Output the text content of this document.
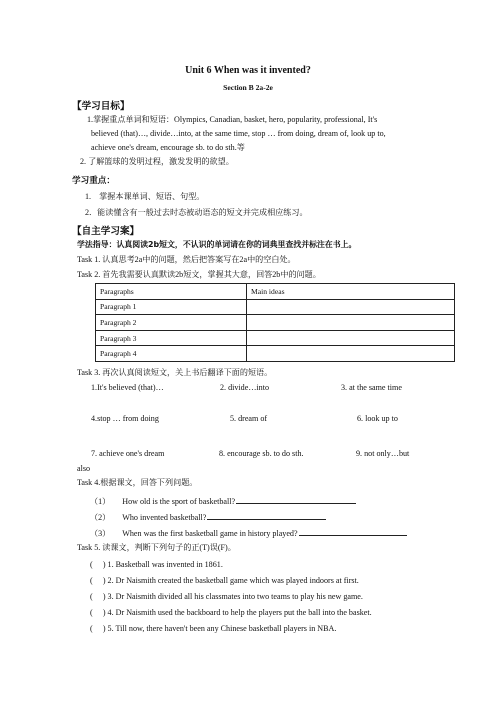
Unit 6 When was it invented?
Section B 2a-2e
【学习目标】
1.掌握重点单词和短语：Olympics, Canadian, basket, hero, popularity, professional, It's
believed (that)…, divide…into, at the same time, stop … from doing, dream of, look up to,
achieve one's dream, encourage sb. to do sth.等
2. 了解篮球的发明过程，激发发明的欲望。
学习重点：
1.　掌握本课单词、短语、句型。
2．能读懂含有一般过去时态被动语态的短文并完成相应练习。
【自主学习案】
学法指导：认真阅读2b短文，不认识的单词请在你的词典里查找并标注在书上。
Task 1. 认真思考2a中的问题，然后把答案写在2a中的空白处。
Task 2. 首先我需要认真默读2b短文，掌握其大意，回答2b中的问题。
Paragraphs	Main ideas
Paragraph 1	
Paragraph 2	
Paragraph 3	
Paragraph 4	
Task 3. 再次认真阅读短文，关上书后翻译下面的短语。
1.It's believed (that)…	2. divide…into	3. at the same time
4.stop … from doing	5. dream of	6. look up to
7. achieve one's dream	8. encourage sb. to do sth.	9. not only…but
also
Task 4.根据课文，回答下列问题。
（1） How old is the sport of basketball?
（2） Who invented basketball?
（3） When was the first basketball game in history played?
Task 5. 读课文，判断下列句子的正(T)误(F)。
( 　) 1. Basketball was invented in 1861.
( 　) 2. Dr Naismith created the basketball game which was played indoors at first.
( 　) 3. Dr Naismith divided all his classmates into two teams to play his new game.
( 　) 4. Dr Naismith used the backboard to help the players put the ball into the basket.
( 　) 5. Till now, there haven't been any Chinese basketball players in NBA.
